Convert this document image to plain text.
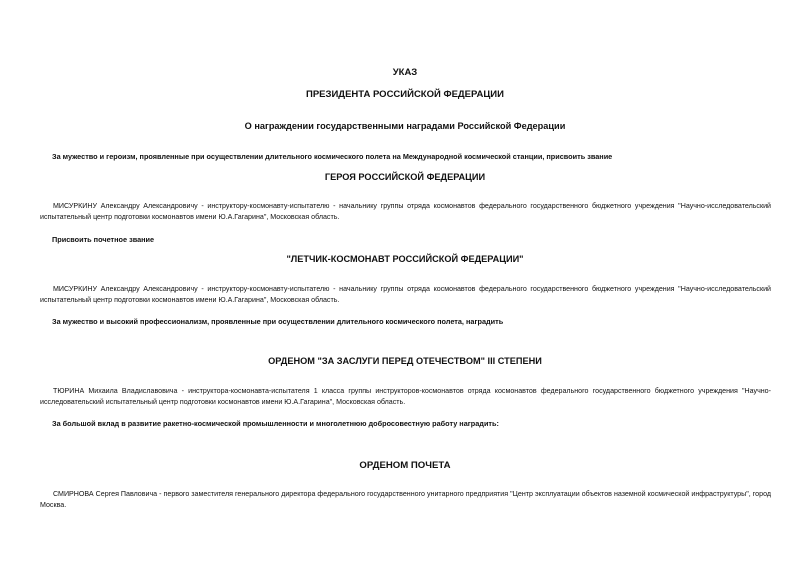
УКАЗ
ПРЕЗИДЕНТА РОССИЙСКОЙ ФЕДЕРАЦИИ
О награждении государственными наградами Российской Федерации
За мужество и героизм, проявленные при осуществлении длительного космического полета на Международной космической станции, присвоить звание
ГЕРОЯ РОССИЙСКОЙ ФЕДЕРАЦИИ
МИСУРКИНУ Александру Александровичу - инструктору-космонавту-испытателю - начальнику группы отряда космонавтов федерального государственного бюджетного учреждения "Научно-исследовательский испытательный центр подготовки космонавтов имени Ю.А.Гагарина", Московская область.
Присвоить почетное звание
"ЛЕТЧИК-КОСМОНАВТ РОССИЙСКОЙ ФЕДЕРАЦИИ"
МИСУРКИНУ Александру Александровичу - инструктору-космонавту-испытателю - начальнику группы отряда космонавтов федерального государственного бюджетного учреждения "Научно-исследовательский испытательный центр подготовки космонавтов имени Ю.А.Гагарина", Московская область.
За мужество и высокий профессионализм, проявленные при осуществлении длительного космического полета, наградить
ОРДЕНОМ "ЗА ЗАСЛУГИ ПЕРЕД ОТЕЧЕСТВОМ" III СТЕПЕНИ
ТЮРИНА Михаила Владиславовича - инструктора-космонавта-испытателя 1 класса группы инструкторов-космонавтов отряда космонавтов федерального государственного бюджетного учреждения "Научно-исследовательский испытательный центр подготовки космонавтов имени Ю.А.Гагарина", Московская область.
За большой вклад в развитие ракетно-космической промышленности и многолетнюю добросовестную работу наградить:
ОРДЕНОМ ПОЧЕТА
СМИРНОВА Сергея Павловича - первого заместителя генерального директора федерального государственного унитарного предприятия "Центр эксплуатации объектов наземной космической инфраструктуры", город Москва.
